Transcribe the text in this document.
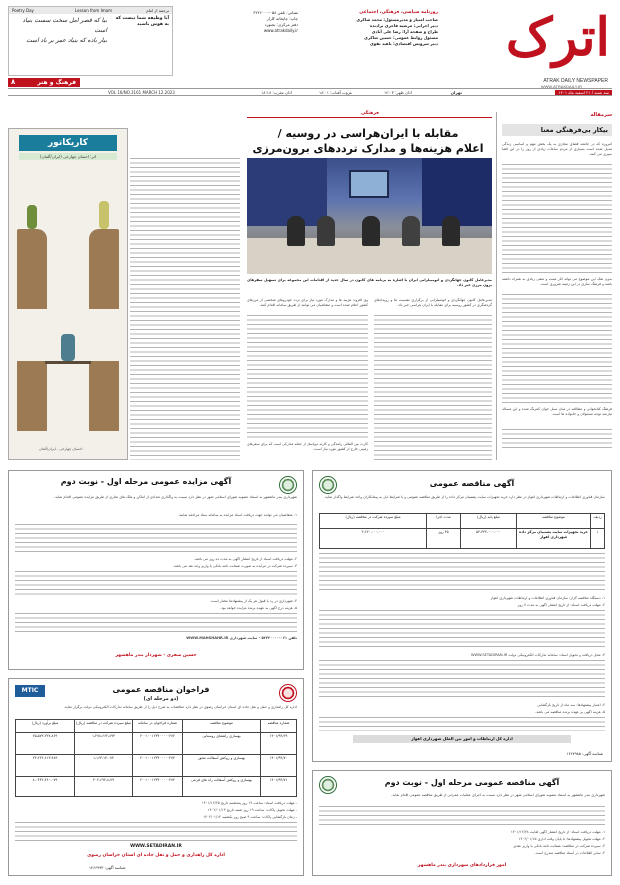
اترک
ATRAK DAILY NEWSPAPER
WWW.ATRAKDAILY.IR
روزنامه سیاسی، فرهنگی، اجتماعی
صاحب امتیاز و مدیرمسئول: محمد شاکری
دبیر اجرایی: مرضیه فاخری برادنده
طراح و صفحه آرا: رضا علی آبادی
مسئول روابط عمومی: حسین شاکری
دبیر سرویس اقتصادی: ناهید تقوی
نشانی: تلفن ۰۵۸-۳۲۲۶۰۰۰
چاپ: چاپخانه کارار
دفتر مرکزی: بجنورد
www.atrakdaily.ir
ترجمه از امام
Lesson from Imam
Poetry Day
آیا وظیفه شما نیست که به هوش باشید
بیا که قصر امل سخت سست بنیاد است
بیار باده که بنیاد عمر بر باد است
فرهنگ و هنر
۸
سه شنبه / ۲۱ اسفند ماه ۱۴۰۱
تهران
اذان ظهر: ۱۲:۰۳
غروب آفتاب: ۱۸:۰۱
اذان مغرب: ۱۸:۱۸
VOL 16/NO.3161 MARCH 12.2023
فرهنگی	سرمقاله
بیکار بی‌فرهنگی معنا
امروزه که در جامعه فضای مجازی به یک بخش مهم و اساسی زندگی تبدیل شده است بسیاری از مردم ساعات زیادی از روز را در این فضا سپری می کنند.
بدون شک این موضوع می تواند آثار مثبت و منفی زیادی به همراه داشته باشد و فرهنگ سازی در این زمینه ضروری است.
فرهنگ کتابخوانی و مطالعه در میان نسل جوان کمرنگ شده و این مساله نیازمند توجه مسئولان و خانواده ها است.
مقابله با ایران‌هراسی در روسیه /
اعلام هزینه‌ها و مدارک ترددهای برون‌مرزی
مدیرعامل کانون جهانگردی و اتومبیلرانی ایران با اشاره به برنامه های کانون در سال جدید از اقدامات این مجموعه برای تسهیل سفرهای برون مرزی خبر داد.
مدیرعامل کانون جهانگردی و اتومبیلرانی از برگزاری نشست ها و رویدادهای گردشگری در کشور روسیه برای مقابله با ایران هراسی خبر داد.
وی افزود: هزینه ها و مدارک مورد نیاز برای تردد خودروهای شخصی از مرزهای کشور اعلام شده است و متقاضیان می توانند از طریق سامانه اقدام کنند.
کارت بین المللی رانندگی و کارنه دوپاساژ از جمله مدارکی است که برای سفرهای زمینی خارج از کشور مورد نیاز است.
کاریکاتور
اثر: احسان چهارخی (ایران/آلمان)
احسان چهارخی - ایران/آلمان
آگهی مزایده عمومی مرحله اول - نوبت دوم
شهرداری بندر ماهشهر به استناد مصوبه شورای اسلامی شهر در نظر دارد نسبت به واگذاری تعدادی از اماکن و ملک های تجاری از طریق مزایده عمومی اقدام نماید.
۱- متقاضیان می توانند جهت دریافت اسناد مزایده به سامانه ستاد مراجعه نمایند.
۲- مهلت دریافت اسناد از تاریخ انتشار آگهی به مدت ده روز می باشد.
۳- سپرده شرکت در مزایده به صورت ضمانت نامه بانکی یا واریز وجه نقد می باشد.
۴- شهرداری در رد یا قبول هر یک از پیشنهادها مختار است.
۵- هزینه درج آگهی به عهده برنده مزایده خواهد بود.
تلفن ۰۶۱-۵۲۳۲۰۰۰۰ - سایت شهرداری WWW.MAHSHAHR.IR
حسین صفری - شهردار بندر ماهشهر
آگهی مناقصه عمومی
سازمان فناوری اطلاعات و ارتباطات شهرداری اهواز در نظر دارد خرید تجهیزات سایت پشتیبان مرکز داده را از طریق مناقصه عمومی و با شرایط ذیل به پیمانکاران واجد شرایط واگذار نماید.
ردیف
موضوع مناقصه
مبلغ پایه (ریال)
مدت اجرا
مبلغ سپرده شرکت در مناقصه (ریال)
۱
خرید تجهیزات سایت پشتیبان مرکز داده شهرداری اهواز
۵۲،۳۴۳،۰۰۰،۰۰۰
۴۵ روز
۲،۶۲۰،۰۰۰،۰۰۰
۱- دستگاه مناقصه گزار: سازمان فناوری اطلاعات و ارتباطات شهرداری اهواز
۲- مهلت دریافت اسناد: از تاریخ انتشار آگهی به مدت ۷ روز
۳- محل دریافت و تحویل اسناد: سامانه تدارکات الکترونیکی دولت WWW.SETADIRAN.IR
۴- اعتبار پیشنهادها: سه ماه از تاریخ بازگشایی
۵- هزینه آگهی بر عهده برنده مناقصه می باشد.
اداره کل ارتباطات و امور بین الملل شهرداری اهواز
شناسه آگهی: ۱۴۶۷۹۸۵
MTIC	فراخوان مناقصه عمومی
(دو مرحله ای)
اداره کل راهداری و حمل و نقل جاده ای استان خراسان رضوی در نظر دارد مناقصات به شرح ذیل را از طریق سامانه تدارکات الکترونیکی دولت برگزار نماید.
شماره مناقصه
موضوع مناقصه
شماره فراخوان در سامانه
مبلغ سپرده شرکت در مناقصه (ریال)
مبلغ برآورد (ریال)
۱۴۰۱/۹۴/۶۹
بهسازی راهنمای روستایی
۲۰۰۱۰۰۱۲۳۴۰۰۰۰۰۲۷۲
۱،۲۷۸،۶۶۲،۸۹۳
۲۵،۵۷۳،۲۲۷،۸۶۴
۱۴۰۱/۹۴/۷۰
بهسازی و روکش آسفالت محور
۲۰۰۱۰۰۱۲۳۴۰۰۰۰۰۲۷۳
۱،۱۶۳،۱۳،۰۷۴
۲۳،۲۶۲،۶۱۳،۴۸۳
۱۴۰۱/۹۴/۷۱
بهسازی و روکش آسفالت راه های فرعی
۲۰۰۱۰۰۱۲۳۴۰۰۰۰۰۲۷۴
۴۰۲،۶۹۲،۸،۷۹
۸،۰۴۴۲،۴۶۰،۰۷۹
- مهلت دریافت اسناد: ساعت ۱۹ روز پنجشنبه تاریخ ۱۴۰۱/۱۲/۲۵
- مهلت تحویل پاکات: ساعت ۱۹ روز شنبه تاریخ ۱۴۰۲/۰۱/۱۳
- زمان بازگشایی پاکات: ساعت ۹ صبح روز یکشنبه ۱۴۰۲/۰۱/۱۴
WWW.SETADIRAN.IR
اداره کل راهداری و حمل و نقل جاده ای استان خراسان رضوی
شناسه آگهی: ۱۴۶۶۹۹۳
آگهی مناقصه عمومی مرحله اول - نوبت دوم
شهرداری بندر ماهشهر به استناد مصوبه شورای اسلامی شهر در نظر دارد نسبت به اجرای عملیات عمرانی از طریق مناقصه عمومی اقدام نماید.
۱- مهلت دریافت اسناد: از تاریخ انتشار آگهی لغایت ۱۴۰۱/۱۲/۲۸
۲- مهلت تحویل پیشنهادها: تا پایان وقت اداری ۱۴۰۲/۰۱/۱۵
۳- سپرده شرکت در مناقصه: ضمانت نامه بانکی یا واریز نقدی
۴- سایر اطلاعات در اسناد مناقصه مندرج است.
امور قراردادهای شهرداری بندر ماهشهر
